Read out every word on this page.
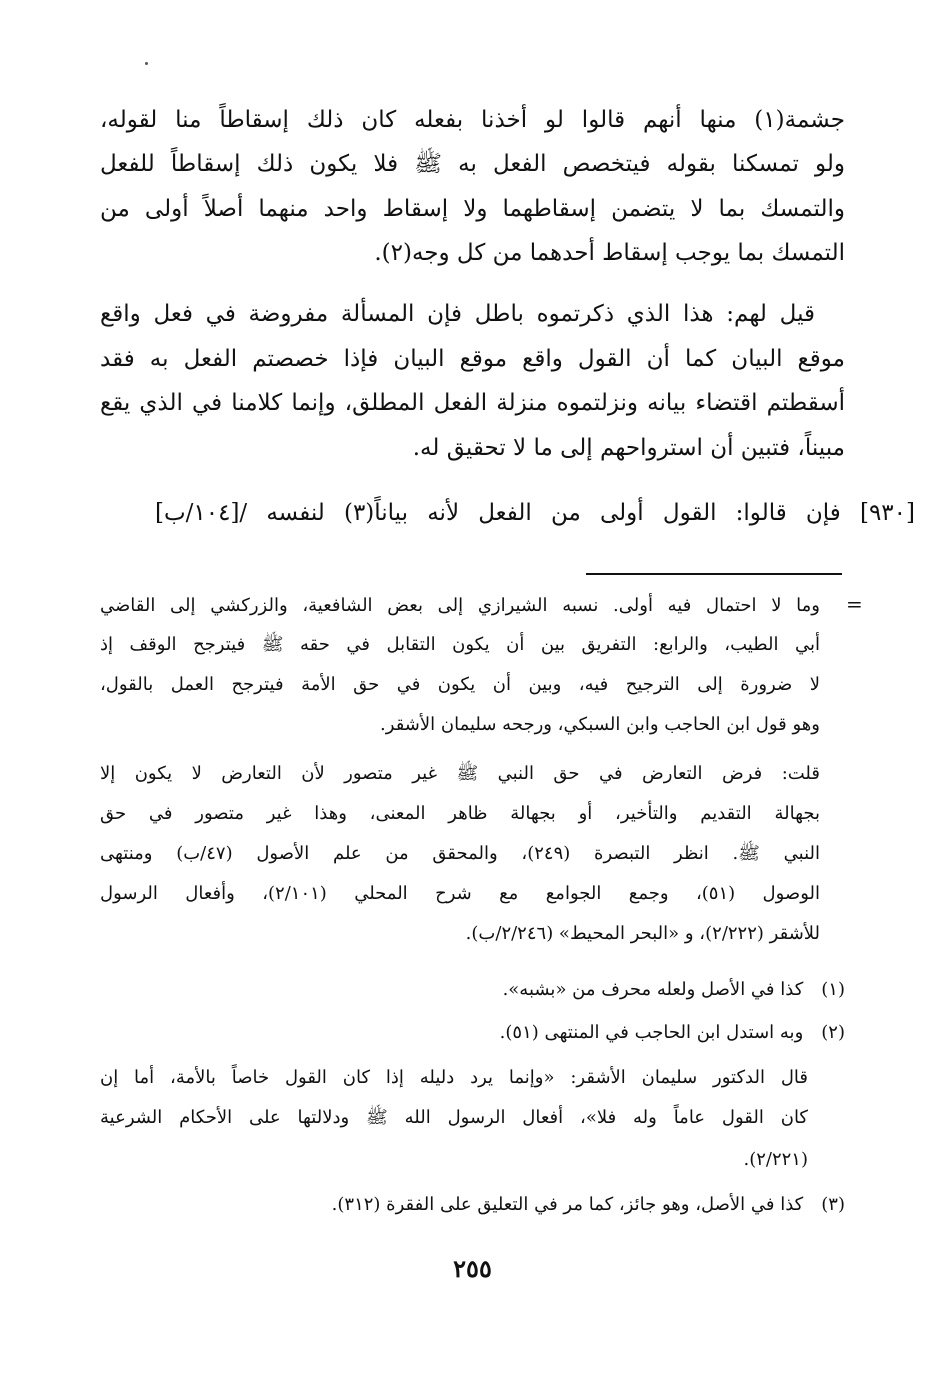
جشمة(١) منها أنهم قالوا لو أخذنا بفعله كان ذلك إسقاطاً منا لقوله،
ولو تمسكنا بقوله فيتخصص الفعل به ﷺ فلا يكون ذلك إسقاطاً للفعل
والتمسك بما لا يتضمن إسقاطهما ولا إسقاط واحد منهما أصلاً أولى من
التمسك بما يوجب إسقاط أحدهما من كل وجه(٢).
قيل لهم: هذا الذي ذكرتموه باطل فإن المسألة مفروضة في فعل واقع
موقع البيان كما أن القول واقع موقع البيان فإذا خصصتم الفعل به فقد
أسقطتم اقتضاء بيانه ونزلتموه منزلة الفعل المطلق، وإنما كلامنا في الذي يقع
مبيناً، فتبين أن استرواحهم إلى ما لا تحقيق له.
[٩٣٠] فإن قالوا: القول أولى من الفعل لأنه بياناً(٣) لنفسه /[١٠٤/ب]
=
وما لا احتمال فيه أولى. نسبه الشيرازي إلى بعض الشافعية، والزركشي إلى القاضي
أبي الطيب، والرابع: التفريق بين أن يكون التقابل في حقه ﷺ فيترجح الوقف إذ
لا ضرورة إلى الترجيح فيه، وبين أن يكون في حق الأمة فيترجح العمل بالقول،
وهو قول ابن الحاجب وابن السبكي، ورجحه سليمان الأشقر.
قلت: فرض التعارض في حق النبي ﷺ غير متصور لأن التعارض لا يكون إلا
بجهالة التقديم والتأخير، أو بجهالة ظاهر المعنى، وهذا غير متصور في حق
النبي ﷺ. انظر التبصرة (٢٤٩)، والمحقق من علم الأصول (٤٧/ب) ومنتهى
الوصول (٥١)، وجمع الجوامع مع شرح المحلي (٢/١٠١)، وأفعال الرسول
للأشقر (٢/٢٢٢)، و «البحر المحيط» (٢/٢٤٦/ب).
(١) كذا في الأصل ولعله محرف من «بشبه».
(٢) وبه استدل ابن الحاجب في المنتهى (٥١).
قال الدكتور سليمان الأشقر: «وإنما يرد دليله إذا كان القول خاصاً بالأمة، أما إن
كان القول عاماً وله فلا»، أفعال الرسول الله ﷺ ودلالتها على الأحكام الشرعية
(٢/٢٢١).
(٣) كذا في الأصل، وهو جائز، كما مر في التعليق على الفقرة (٣١٢).
٢٥٥
